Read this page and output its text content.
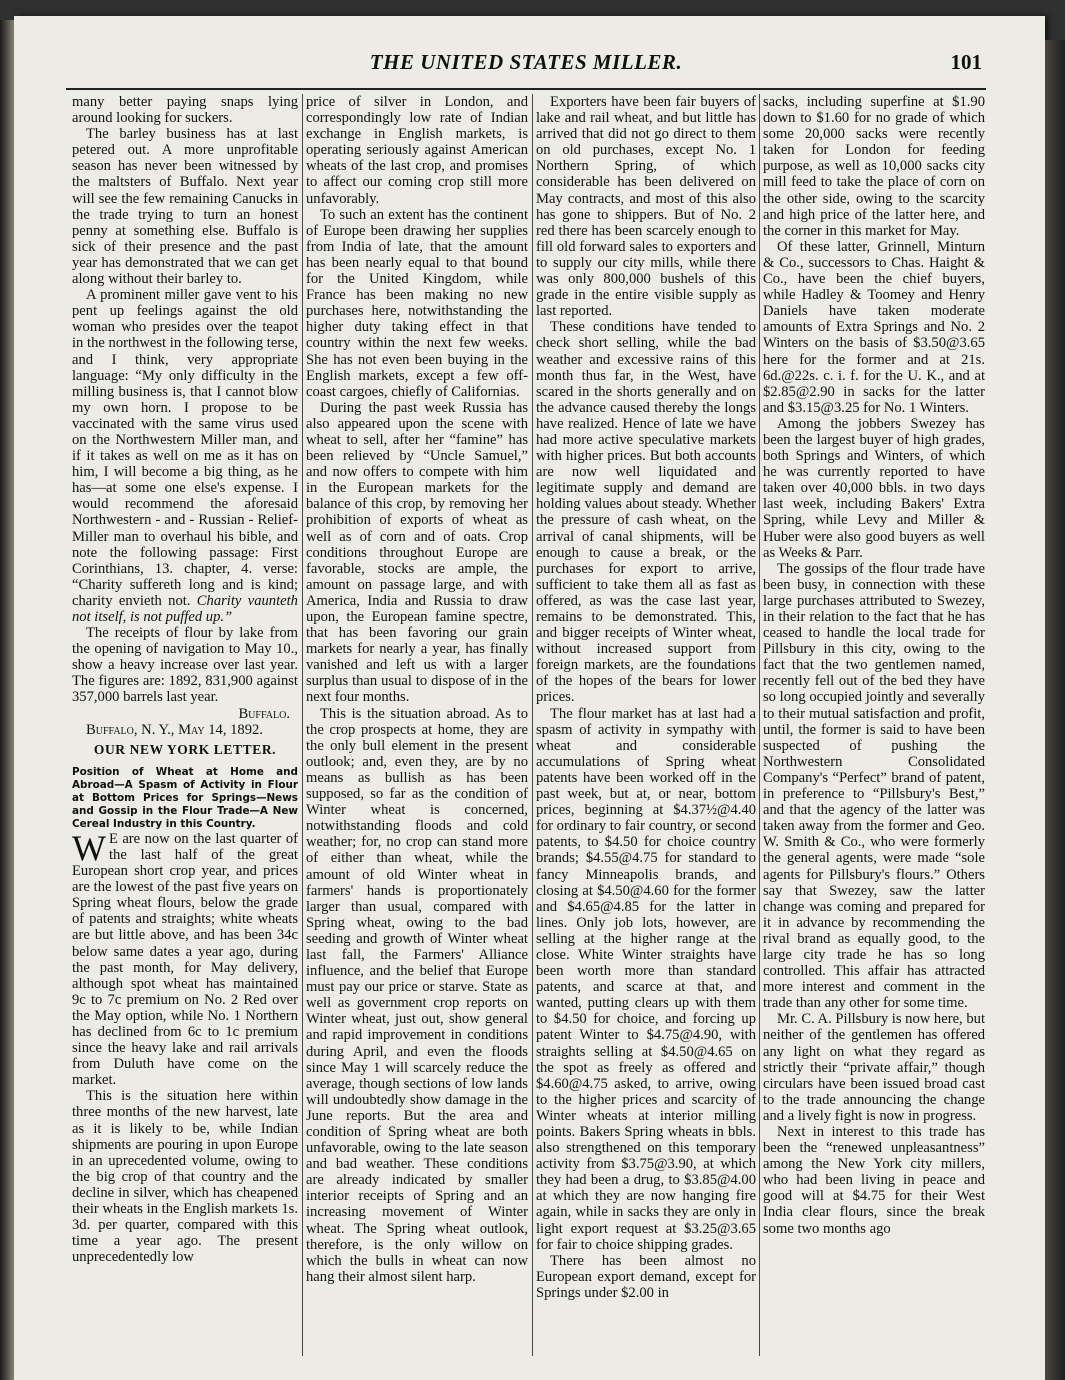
THE UNITED STATES MILLER.	101

many better paying snaps lying around looking for suckers.

The barley business has at last petered out. A more unprofitable season has never been witnessed by the maltsters of Buffalo. Next year will see the few remaining Canucks in the trade trying to turn an honest penny at something else. Buffalo is sick of their presence and the past year has demonstrated that we can get along without their barley to.

A prominent miller gave vent to his pent up feelings against the old woman who presides over the teapot in the northwest in the following terse, and I think, very appropriate language: “My only difficulty in the milling business is, that I cannot blow my own horn. I propose to be vaccinated with the same virus used on the Northwestern Miller man, and if it takes as well on me as it has on him, I will become a big thing, as he has—at some one else's expense. I would recommend the aforesaid Northwestern - and - Russian - Relief-Miller man to overhaul his bible, and note the following passage: First Corinthians, 13. chapter, 4. verse: “Charity suffereth long and is kind; charity envieth not. Charity vaunteth not itself, is not puffed up.”

The receipts of flour by lake from the opening of navigation to May 10., show a heavy increase over last year. The figures are: 1892, 831,900 against 357,000 barrels last year.

Buffalo.

Buffalo, N. Y., May 14, 1892.

OUR NEW YORK LETTER.

Position of Wheat at Home and Abroad—A Spasm of Activity in Flour at Bottom Prices for Springs—News and Gossip in the Flour Trade—A New Cereal Industry in this Country.

W E are now on the last quarter of the last half of the great European short crop year, and prices are the lowest of the past five years on Spring wheat flours, below the grade of patents and straights; white wheats are but little above, and has been 34c below same dates a year ago, during the past month, for May delivery, although spot wheat has maintained 9c to 7c premium on No. 2 Red over the May option, while No. 1 Northern has declined from 6c to 1c premium since the heavy lake and rail arrivals from Duluth have come on the market.

This is the situation here within three months of the new harvest, late as it is likely to be, while Indian shipments are pouring in upon Europe in an uprecedented volume, owing to the big crop of that country and the decline in silver, which has cheapened their wheats in the English markets 1s. 3d. per quarter, compared with this time a year ago. The present unprecedentedly low

price of silver in London, and correspondingly low rate of Indian exchange in English markets, is operating seriously against American wheats of the last crop, and promises to affect our coming crop still more unfavorably.

To such an extent has the continent of Europe been drawing her supplies from India of late, that the amount has been nearly equal to that bound for the United Kingdom, while France has been making no new purchases here, notwithstanding the higher duty taking effect in that country within the next few weeks. She has not even been buying in the English markets, except a few off-coast cargoes, chiefly of Californias.

During the past week Russia has also appeared upon the scene with wheat to sell, after her “famine” has been relieved by “Uncle Samuel,” and now offers to compete with him in the European markets for the balance of this crop, by removing her prohibition of exports of wheat as well as of corn and of oats. Crop conditions throughout Europe are favorable, stocks are ample, the amount on passage large, and with America, India and Russia to draw upon, the European famine spectre, that has been favoring our grain markets for nearly a year, has finally vanished and left us with a larger surplus than usual to dispose of in the next four months.

This is the situation abroad. As to the crop prospects at home, they are the only bull element in the present outlook; and, even they, are by no means as bullish as has been supposed, so far as the condition of Winter wheat is concerned, notwithstanding floods and cold weather; for, no crop can stand more of either than wheat, while the amount of old Winter wheat in farmers' hands is proportionately larger than usual, compared with Spring wheat, owing to the bad seeding and growth of Winter wheat last fall, the Farmers' Alliance influence, and the belief that Europe must pay our price or starve. State as well as government crop reports on Winter wheat, just out, show general and rapid improvement in conditions during April, and even the floods since May 1 will scarcely reduce the average, though sections of low lands will undoubtedly show damage in the June reports. But the area and condition of Spring wheat are both unfavorable, owing to the late season and bad weather. These conditions are already indicated by smaller interior receipts of Spring and an increasing movement of Winter wheat. The Spring wheat outlook, therefore, is the only willow on which the bulls in wheat can now hang their almost silent harp.

Exporters have been fair buyers of lake and rail wheat, and but little has arrived that did not go direct to them on old purchases, except No. 1 Northern Spring, of which considerable has been delivered on May contracts, and most of this also has gone to shippers. But of No. 2 red there has been scarcely enough to fill old forward sales to exporters and to supply our city mills, while there was only 800,000 bushels of this grade in the entire visible supply as last reported.

These conditions have tended to check short selling, while the bad weather and excessive rains of this month thus far, in the West, have scared in the shorts generally and on the advance caused thereby the longs have realized. Hence of late we have had more active speculative markets with higher prices. But both accounts are now well liquidated and legitimate supply and demand are holding values about steady. Whether the pressure of cash wheat, on the arrival of canal shipments, will be enough to cause a break, or the purchases for export to arrive, sufficient to take them all as fast as offered, as was the case last year, remains to be demonstrated. This, and bigger receipts of Winter wheat, without increased support from foreign markets, are the foundations of the hopes of the bears for lower prices.

The flour market has at last had a spasm of activity in sympathy with wheat and considerable accumulations of Spring wheat patents have been worked off in the past week, but at, or near, bottom prices, beginning at $4.37½@4.40 for ordinary to fair country, or second patents, to $4.50 for choice country brands; $4.55@4.75 for standard to fancy Minneapolis brands, and closing at $4.50@4.60 for the former and $4.65@4.85 for the latter in lines. Only job lots, however, are selling at the higher range at the close. White Winter straights have been worth more than standard patents, and scarce at that, and wanted, putting clears up with them to $4.50 for choice, and forcing up patent Winter to $4.75@4.90, with straights selling at $4.50@4.65 on the spot as freely as offered and $4.60@4.75 asked, to arrive, owing to the higher prices and scarcity of Winter wheats at interior milling points. Bakers Spring wheats in bbls. also strengthened on this temporary activity from $3.75@3.90, at which they had been a drug, to $3.85@4.00 at which they are now hanging fire again, while in sacks they are only in light export request at $3.25@3.65 for fair to choice shipping grades.

There has been almost no European export demand, except for Springs under $2.00 in

sacks, including superfine at $1.90 down to $1.60 for no grade of which some 20,000 sacks were recently taken for London for feeding purpose, as well as 10,000 sacks city mill feed to take the place of corn on the other side, owing to the scarcity and high price of the latter here, and the corner in this market for May.

Of these latter, Grinnell, Minturn & Co., successors to Chas. Haight & Co., have been the chief buyers, while Hadley & Toomey and Henry Daniels have taken moderate amounts of Extra Springs and No. 2 Winters on the basis of $3.50@3.65 here for the former and at 21s. 6d.@22s. c. i. f. for the U. K., and at $2.85@2.90 in sacks for the latter and $3.15@3.25 for No. 1 Winters.

Among the jobbers Swezey has been the largest buyer of high grades, both Springs and Winters, of which he was currently reported to have taken over 40,000 bbls. in two days last week, including Bakers' Extra Spring, while Levy and Miller & Huber were also good buyers as well as Weeks & Parr.

The gossips of the flour trade have been busy, in connection with these large purchases attributed to Swezey, in their relation to the fact that he has ceased to handle the local trade for Pillsbury in this city, owing to the fact that the two gentlemen named, recently fell out of the bed they have so long occupied jointly and severally to their mutual satisfaction and profit, until, the former is said to have been suspected of pushing the Northwestern Consolidated Company's “Perfect” brand of patent, in preference to “Pillsbury's Best,” and that the agency of the latter was taken away from the former and Geo. W. Smith & Co., who were formerly the general agents, were made “sole agents for Pillsbury's flours.” Others say that Swezey, saw the latter change was coming and prepared for it in advance by recommending the rival brand as equally good, to the large city trade he has so long controlled. This affair has attracted more interest and comment in the trade than any other for some time.

Mr. C. A. Pillsbury is now here, but neither of the gentlemen has offered any light on what they regard as strictly their “private affair,” though circulars have been issued broad cast to the trade announcing the change and a lively fight is now in progress.

Next in interest to this trade has been the “renewed unpleasantness” among the New York city millers, who had been living in peace and good will at $4.75 for their West India clear flours, since the break some two months ago
